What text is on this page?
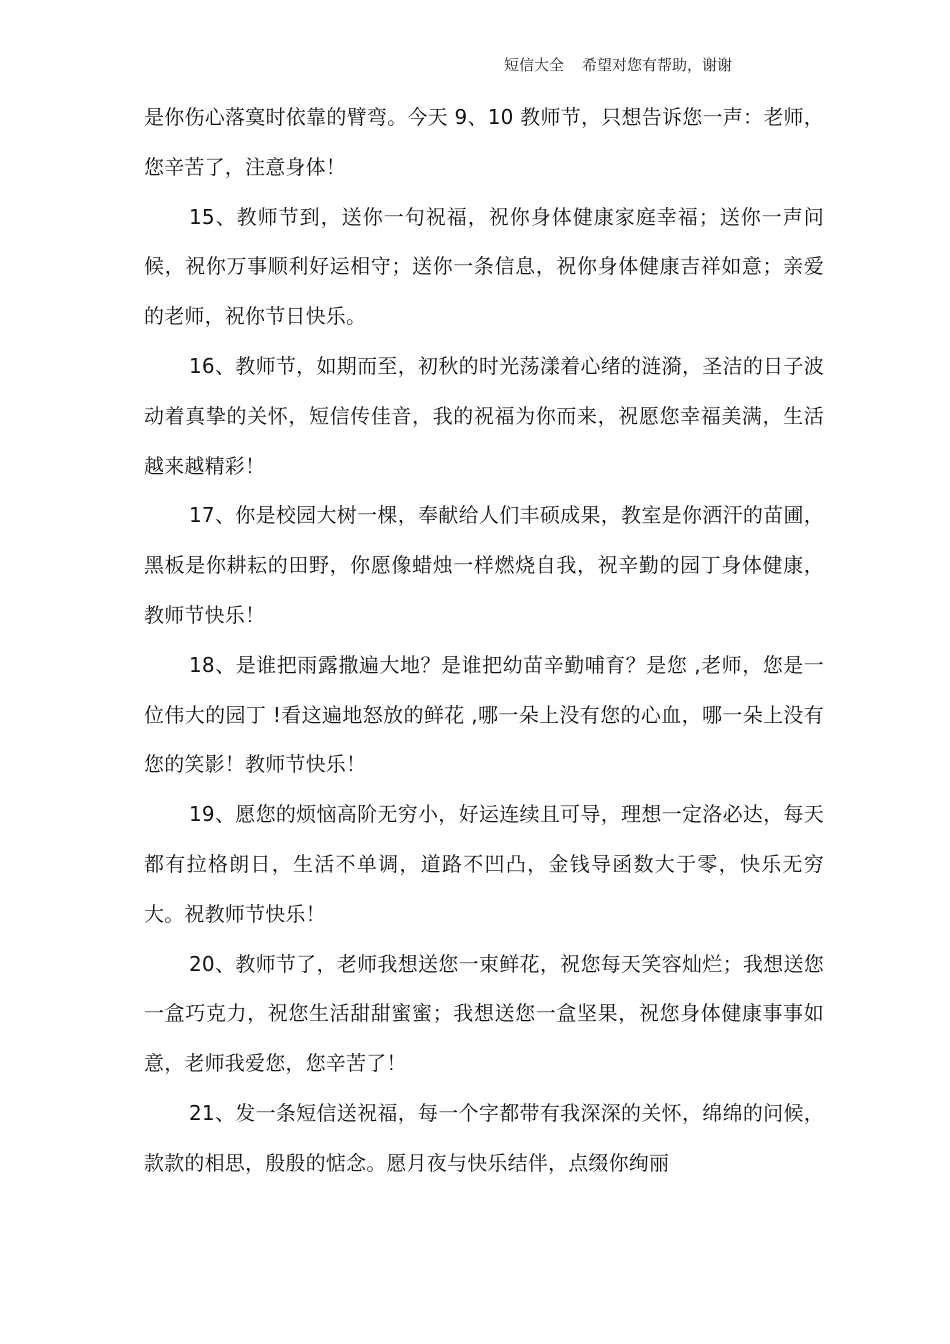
短信大全 希望对您有帮助，谢谢

是你伤心落寞时依靠的臂弯。今天 9、10 教师节，只想告诉您一声：老师，您辛苦了，注意身体！

15、教师节到，送你一句祝福，祝你身体健康家庭幸福；送你一声问候，祝你万事顺利好运相守；送你一条信息，祝你身体健康吉祥如意；亲爱的老师，祝你节日快乐。

16、教师节，如期而至，初秋的时光荡漾着心绪的涟漪，圣洁的日子波动着真挚的关怀，短信传佳音，我的祝福为你而来，祝愿您幸福美满，生活越来越精彩！

17、你是校园大树一棵，奉献给人们丰硕成果，教室是你洒汗的苗圃，黑板是你耕耘的田野，你愿像蜡烛一样燃烧自我，祝辛勤的园丁身体健康，教师节快乐！

18、是谁把雨露撒遍大地？是谁把幼苗辛勤哺育？是您 ,老师，您是一位伟大的园丁 !看这遍地怒放的鲜花 ,哪一朵上没有您的心血，哪一朵上没有您的笑影！教师节快乐！

19、愿您的烦恼高阶无穷小，好运连续且可导，理想一定洛必达，每天都有拉格朗日，生活不单调，道路不凹凸，金钱导函数大于零，快乐无穷大。祝教师节快乐！

20、教师节了，老师我想送您一束鲜花，祝您每天笑容灿烂；我想送您一盒巧克力，祝您生活甜甜蜜蜜；我想送您一盒坚果，祝您身体健康事事如意，老师我爱您，您辛苦了！

21、发一条短信送祝福，每一个字都带有我深深的关怀，绵绵的问候，款款的相思，殷殷的惦念。愿月夜与快乐结伴，点缀你绚丽
